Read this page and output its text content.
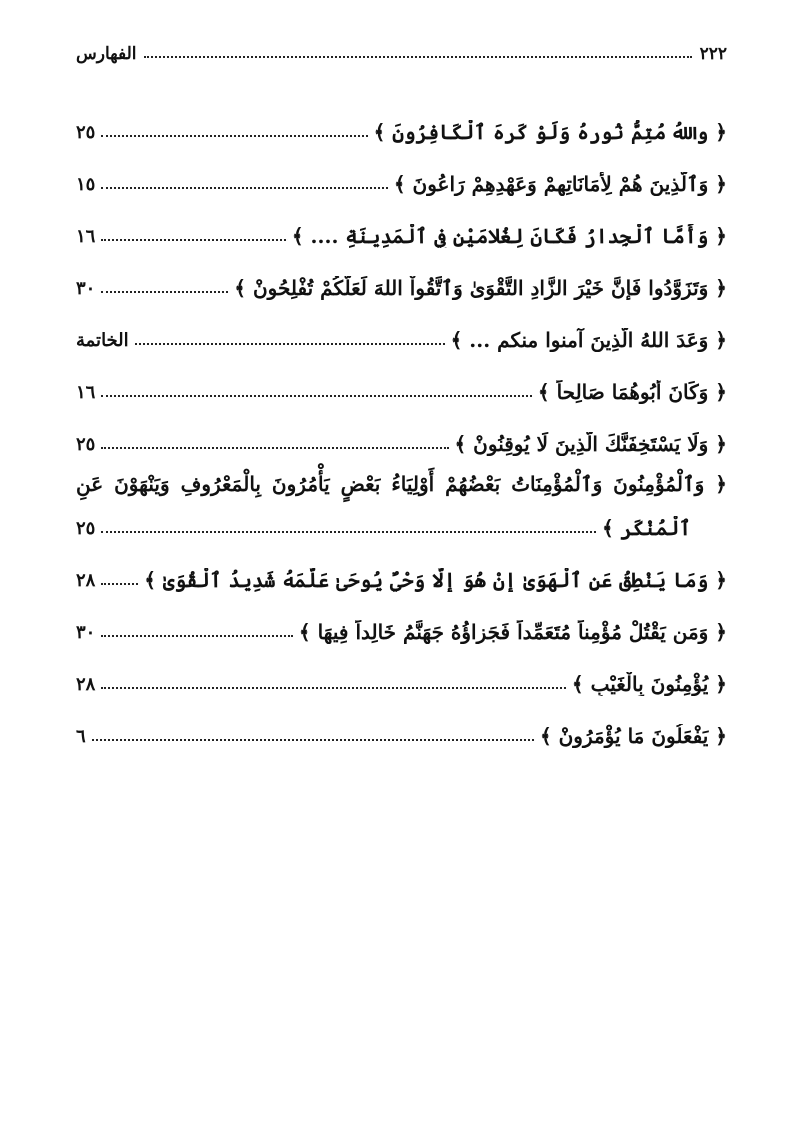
٢٢٢
الفهارس
﴿ واللهُ مُتِمُّ نُورِهُ وَلَوْ كَرِهَ ٱلْكَافِرُونَ ﴾
٢٥
﴿ وَٱلَّذِينَ هُمْ لِأَمَانَاتِهِمْ وَعَهْدِهِمْ رَاعُونَ ﴾
١٥
﴿ وَأَمَّا ٱلْجِدارُ فَكَانَ لِغُلامَيْنِ فِي ٱلْمَدِينَةِ .... ﴾
١٦
﴿ وَتَزَوَّدُوا فَإِنَّ خَيْرَ الزَّادِ التَّقْوَىٰ وَٱتَّقُواْ اللهَ لَعَلَّكُمْ تُفْلِحُونْ ﴾
٣٠
﴿ وَعَدَ اللهُ الَّذِينَ آمنوا منكم ... ﴾
الخاتمة
﴿ وَكَانَ أَبُوهُمَا صَالِحاً ﴾
١٦
﴿ وَلَا يَسْتَخِفَنَّكَ الَّذِينَ لَا يُوقِنُونْ ﴾
٢٥
﴿ وَٱلْمُؤْمِنُونَ وَٱلْمُؤْمِنَاتُ بَعْضُهُمْ أَوْلِيَاءُ بَعْضٍ يَأْمُرُونَ بِالْمَعْرُوفِ وَيَنْهَوْنَ عَنِ
ٱلْمُنْكَرِ ﴾
٢٥
﴿ وَمَا يَنْطِقُ عَنِ ٱلْهَوَىٰ إِنْ هُوَ إِلَّا وَحْيٌ يُوحَىٰ عَلَّمَهُ شَدِيدُ ٱلْقُوَىٰ ﴾
٢٨
﴿ وَمَن يَقْتُلْ مُؤْمِناً مُتَعَمِّداً فَجَزاؤُهُ جَهَنَّمُ خَالِداً فِيهَا ﴾
٣٠
﴿ يُؤْمِنُونَ بِالْغَيْبِ ﴾
٢٨
﴿ يَفْعَلُونَ مَا يُؤْمَرُونْ ﴾
٦
